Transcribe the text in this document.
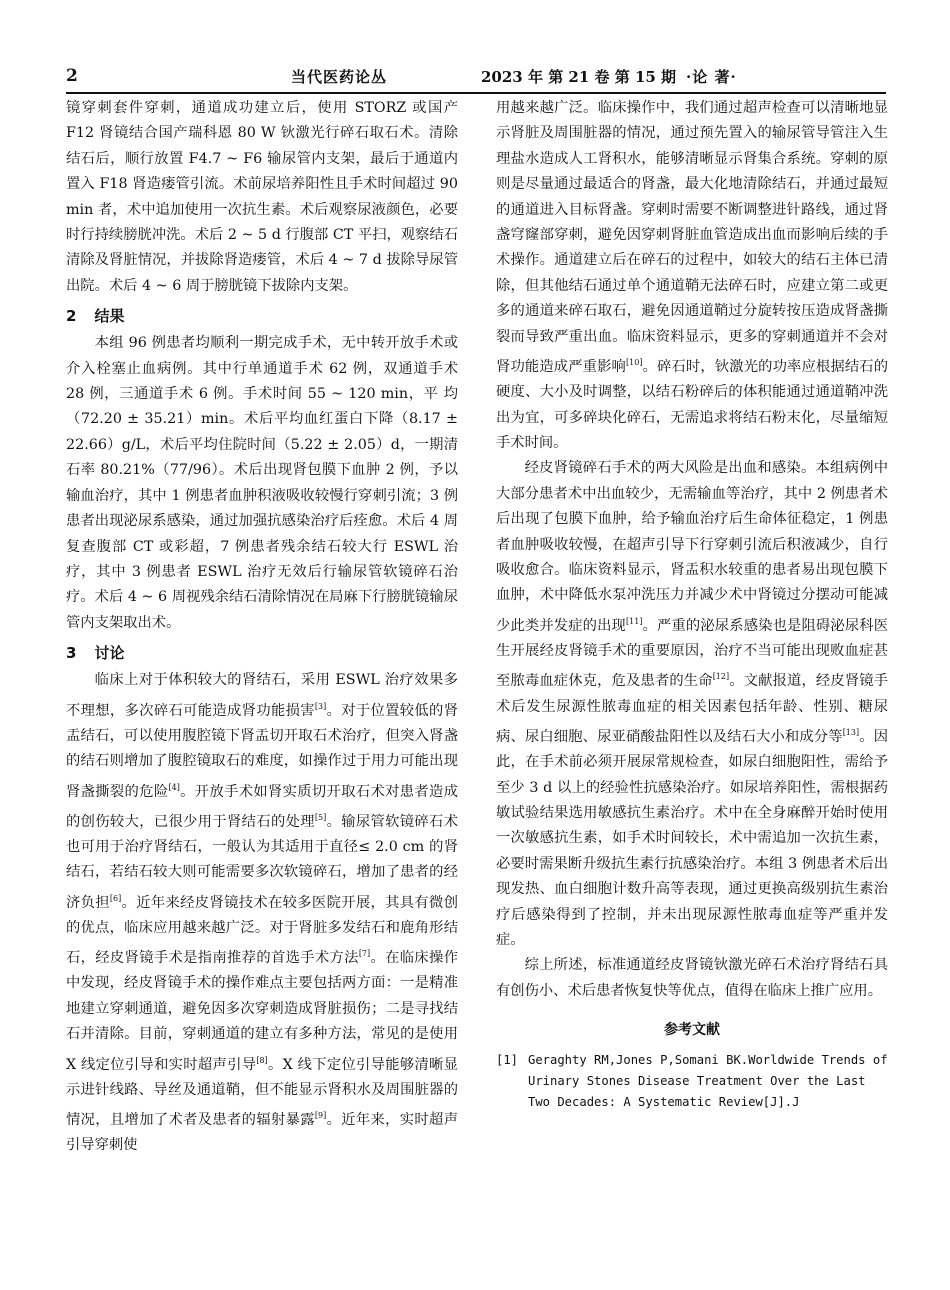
2	当代医药论丛	2023 年 第 21 卷 第 15 期 ·论 著·

镜穿刺套件穿刺，通道成功建立后，使用 STORZ 或国产 F12 肾镜结合国产瑞科恩 80 W 钬激光行碎石取石术。清除结石后，顺行放置 F4.7 ~ F6 输尿管内支架，最后于通道内置入 F18 肾造瘘管引流。术前尿培养阳性且手术时间超过 90 min 者，术中追加使用一次抗生素。术后观察尿液颜色，必要时行持续膀胱冲洗。术后 2 ~ 5 d 行腹部 CT 平扫，观察结石清除及肾脏情况，并拔除肾造瘘管，术后 4 ~ 7 d 拔除导尿管出院。术后 4 ~ 6 周于膀胱镜下拔除内支架。

2 结果

本组 96 例患者均顺利一期完成手术，无中转开放手术或介入栓塞止血病例。其中行单通道手术 62 例，双通道手术 28 例，三通道手术 6 例。手术时间 55 ~ 120 min，平 均（72.20 ± 35.21）min。术后平均血红蛋白下降（8.17 ± 22.66）g/L，术后平均住院时间（5.22 ± 2.05）d，一期清石率 80.21%（77/96）。术后出现肾包膜下血肿 2 例，予以输血治疗，其中 1 例患者血肿积液吸收较慢行穿刺引流；3 例患者出现泌尿系感染，通过加强抗感染治疗后痊愈。术后 4 周复查腹部 CT 或彩超，7 例患者残余结石较大行 ESWL 治疗，其中 3 例患者 ESWL 治疗无效后行输尿管软镜碎石治疗。术后 4 ~ 6 周视残余结石清除情况在局麻下行膀胱镜输尿管内支架取出术。

3 讨论

临床上对于体积较大的肾结石，采用 ESWL 治疗效果多不理想，多次碎石可能造成肾功能损害[3]。对于位置较低的肾盂结石，可以使用腹腔镜下肾盂切开取石术治疗，但突入肾盏的结石则增加了腹腔镜取石的难度，如操作过于用力可能出现肾盏撕裂的危险[4]。开放手术如肾实质切开取石术对患者造成的创伤较大，已很少用于肾结石的处理[5]。输尿管软镜碎石术也可用于治疗肾结石，一般认为其适用于直径≤ 2.0 cm 的肾结石，若结石较大则可能需要多次软镜碎石，增加了患者的经济负担[6]。近年来经皮肾镜技术在较多医院开展，其具有微创的优点，临床应用越来越广泛。对于肾脏多发结石和鹿角形结石，经皮肾镜手术是指南推荐的首选手术方法[7]。在临床操作中发现，经皮肾镜手术的操作难点主要包括两方面：一是精准地建立穿刺通道，避免因多次穿刺造成肾脏损伤；二是寻找结石并清除。目前，穿刺通道的建立有多种方法，常见的是使用 X 线定位引导和实时超声引导[8]。X 线下定位引导能够清晰显示进针线路、导丝及通道鞘，但不能显示肾积水及周围脏器的情况，且增加了术者及患者的辐射暴露[9]。近年来，实时超声引导穿刺使

用越来越广泛。临床操作中，我们通过超声检查可以清晰地显示肾脏及周围脏器的情况，通过预先置入的输尿管导管注入生理盐水造成人工肾积水，能够清晰显示肾集合系统。穿刺的原则是尽量通过最适合的肾盏，最大化地清除结石，并通过最短的通道进入目标肾盏。穿刺时需要不断调整进针路线，通过肾盏穹窿部穿刺，避免因穿刺肾脏血管造成出血而影响后续的手术操作。通道建立后在碎石的过程中，如较大的结石主体已清除，但其他结石通过单个通道鞘无法碎石时，应建立第二或更多的通道来碎石取石，避免因通道鞘过分旋转按压造成肾盏撕裂而导致严重出血。临床资料显示，更多的穿刺通道并不会对肾功能造成严重影响[10]。碎石时，钬激光的功率应根据结石的硬度、大小及时调整，以结石粉碎后的体积能通过通道鞘冲洗出为宜，可多碎块化碎石，无需追求将结石粉末化，尽量缩短手术时间。

经皮肾镜碎石手术的两大风险是出血和感染。本组病例中大部分患者术中出血较少，无需输血等治疗，其中 2 例患者术后出现了包膜下血肿，给予输血治疗后生命体征稳定，1 例患者血肿吸收较慢，在超声引导下行穿刺引流后积液减少，自行吸收愈合。临床资料显示，肾盂积水较重的患者易出现包膜下血肿，术中降低水泵冲洗压力并减少术中肾镜过分摆动可能减少此类并发症的出现[11]。严重的泌尿系感染也是阻碍泌尿科医生开展经皮肾镜手术的重要原因，治疗不当可能出现败血症甚至脓毒血症休克，危及患者的生命[12]。文献报道，经皮肾镜手术后发生尿源性脓毒血症的相关因素包括年龄、性别、糖尿病、尿白细胞、尿亚硝酸盐阳性以及结石大小和成分等[13]。因此，在手术前必须开展尿常规检查，如尿白细胞阳性，需给予至少 3 d 以上的经验性抗感染治疗。如尿培养阳性，需根据药敏试验结果选用敏感抗生素治疗。术中在全身麻醉开始时使用一次敏感抗生素，如手术时间较长，术中需追加一次抗生素，必要时需果断升级抗生素行抗感染治疗。本组 3 例患者术后出现发热、血白细胞计数升高等表现，通过更换高级别抗生素治疗后感染得到了控制，并未出现尿源性脓毒血症等严重并发症。

综上所述，标准通道经皮肾镜钬激光碎石术治疗肾结石具有创伤小、术后患者恢复快等优点，值得在临床上推广应用。

参考文献
[1] Geraghty RM,Jones P,Somani BK.Worldwide Trends of Urinary Stones Disease Treatment Over the Last Two Decades: A Systematic Review[J].J
